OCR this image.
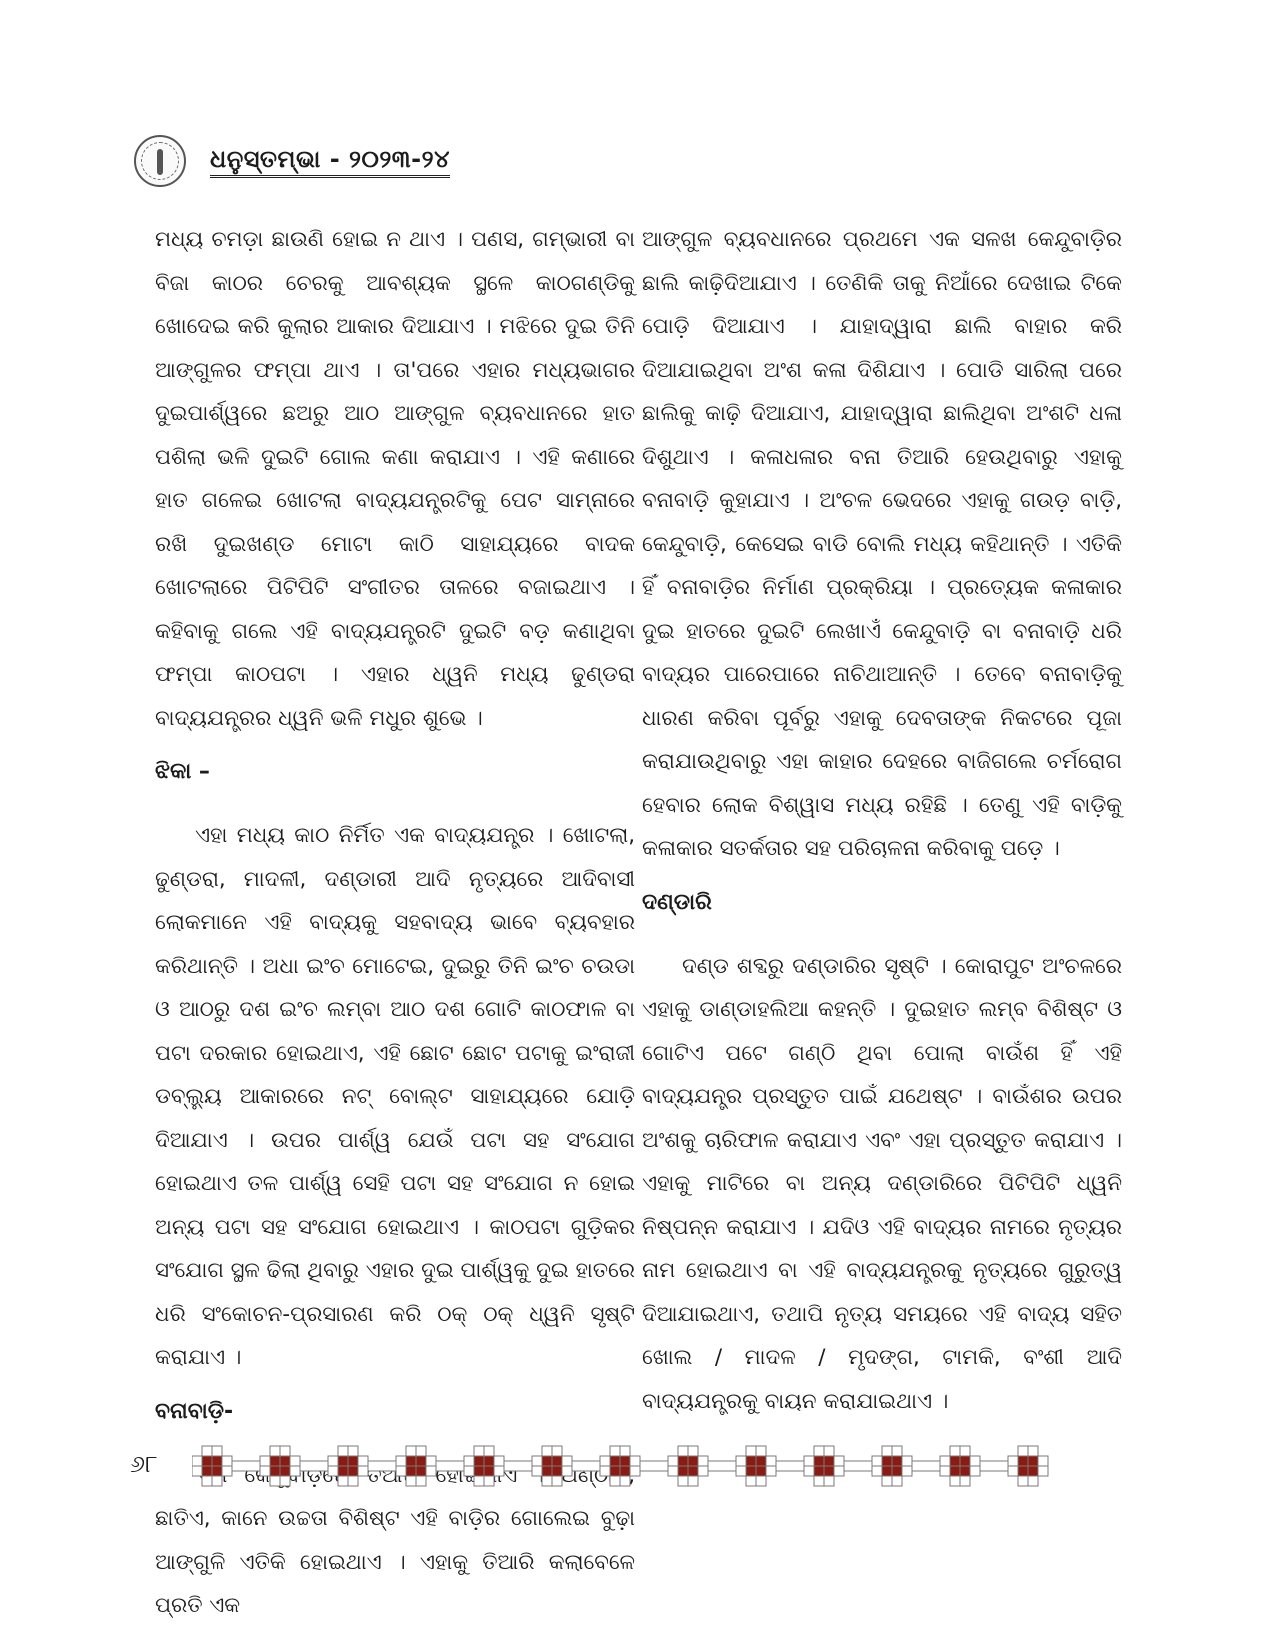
ଧନୁସ୍ତମ୍ଭା - ୨୦୨୩-୨୪

ମଧ୍ୟ ଚମଡ଼ା ଛାଉଣି ହୋଇ ନ ଥାଏ । ପଣସ, ଗମ୍ଭାରୀ ବା ବିଜା କାଠର ଚେରକୁ ଆବଶ୍ୟକ ସ୍ଥଳେ କାଠଗଣ୍ଡିକୁ ଖୋଦେଇ କରି କୁଲାର ଆକାର ଦିଆଯାଏ । ମଝିରେ ଦୁଇ ତିନି ଆଙ୍ଗୁଳର ଫମ୍ପା ଥାଏ । ତା'ପରେ ଏହାର ମଧ୍ୟଭାଗର ଦୁଇପାର୍ଶ୍ୱରେ ଛଅରୁ ଆଠ ଆଙ୍ଗୁଳ ବ୍ୟବଧାନରେ ହାତ ପଶିଲା ଭଳି ଦୁଇଟି ଗୋଲ କଣା କରାଯାଏ । ଏହି କଣାରେ ହାତ ଗଳେଇ ଖୋଟଲା ବାଦ୍ୟଯନ୍ତ୍ରଟିକୁ ପେଟ ସାମ୍ନାରେ ରଖି ଦୁଇଖଣ୍ଡ ମୋଟା କାଠି ସାହାଯ୍ୟରେ ବାଦକ ଖୋଟଲାରେ ପିଟିପିଟି ସଂଗୀତର ତାଳରେ ବଜାଇଥାଏ । କହିବାକୁ ଗଲେ ଏହି ବାଦ୍ୟଯନ୍ତ୍ରଟି ଦୁଇଟି ବଡ଼ କଣାଥିବା ଫମ୍ପା କାଠପଟା । ଏହାର ଧ୍ୱନି ମଧ୍ୟ ଢୁଣ୍ଡରା ବାଦ୍ୟଯନ୍ତ୍ରର ଧ୍ୱନି ଭଳି ମଧୁର ଶୁଭେ ।

ଝିକା –

ଏହା ମଧ୍ୟ କାଠ ନିର୍ମିତ ଏକ ବାଦ୍ୟଯନ୍ତ୍ର । ଖୋଟଲା, ଢୁଣ୍ଡରା, ମାଦଳୀ, ଦଣ୍ଡାରୀ ଆଦି ନୃତ୍ୟରେ ଆଦିବାସୀ ଲୋକମାନେ ଏହି ବାଦ୍ୟକୁ ସହବାଦ୍ୟ ଭାବେ ବ୍ୟବହାର କରିଥାନ୍ତି । ଅଧା ଇଂଚ ମୋଟେଇ, ଦୁଇରୁ ତିନି ଇଂଚ ଚଉଡା ଓ ଆଠରୁ ଦଶ ଇଂଚ ଲମ୍ବା ଆଠ ଦଶ ଗୋଟି କାଠଫାଳ ବା ପଟା ଦରକାର ହୋଇଥାଏ, ଏହି ଛୋଟ ଛୋଟ ପଟାକୁ ଇଂରାଜୀ ଡବ୍ଲ୍ୟୁ ଆକାରରେ ନଟ୍ ବୋଲ୍ଟ ସାହାଯ୍ୟରେ ଯୋଡ଼ି ଦିଆଯାଏ । ଉପର ପାର୍ଶ୍ୱ ଯେଉଁ ପଟା ସହ ସଂଯୋଗ ହୋଇଥାଏ ତଳ ପାର୍ଶ୍ୱ ସେହି ପଟା ସହ ସଂଯୋଗ ନ ହୋଇ ଅନ୍ୟ ପଟା ସହ ସଂଯୋଗ ହୋଇଥାଏ । କାଠପଟା ଗୁଡ଼ିକର ସଂଯୋଗ ସ୍ଥଳ ଢିଲା ଥିବାରୁ ଏହାର ଦୁଇ ପାର୍ଶ୍ୱକୁ ଦୁଇ ହାତରେ ଧରି ସଂକୋଚନ-ପ୍ରସାରଣ କରି ଠକ୍ ଠକ୍ ଧ୍ୱନି ସୃଷ୍ଟି କରାଯାଏ ।

ବନାବାଡ଼ି-

ତିଆରି ଅଣ୍ଠାଏ, ଛାତିଏ, କାନେ ଉଚ୍ଚତା ବିଶିଷ୍ଟ ଏହି ବାଡ଼ିର ଗୋଲେଇ ବୁଢ଼ା ଆଙ୍ଗୁଳି ଏତିକି ହୋଇଥାଏ । ଏହାକୁ ତିଆରି କଲାବେଳେ ପ୍ରତି ଏକ

ଆଙ୍ଗୁଳ ବ୍ୟବଧାନରେ ପ୍ରଥମେ ଏକ ସଳଖ କେନ୍ଦୁବାଡ଼ିର ଛାଲି କାଢ଼ିଦିଆଯାଏ । ତେଣିକି ତାକୁ ନିଆଁରେ ଦେଖାଇ ଟିକେ ପୋଡ଼ି ଦିଆଯାଏ । ଯାହାଦ୍ୱାରା ଛାଲି ବାହାର କରି ଦିଆଯାଇଥିବା ଅଂଶ କଳା ଦିଶିଯାଏ । ପୋଡି ସାରିଲା ପରେ ଛାଲିକୁ କାଢ଼ି ଦିଆଯାଏ, ଯାହାଦ୍ୱାରା ଛାଲିଥିବା ଅଂଶଟି ଧଳା ଦିଶୁଥାଏ । କଳାଧଳାର ବନା ତିଆରି ହେଉଥିବାରୁ ଏହାକୁ ବନାବାଡ଼ି କୁହାଯାଏ । ଅଂଚଳ ଭେଦରେ ଏହାକୁ ଗଉଡ଼ ବାଡ଼ି, କେନ୍ଦୁବାଡ଼ି, କେସେଇ ବାଡି ବୋଲି ମଧ୍ୟ କହିଥାନ୍ତି । ଏତିକି ହିଁ ବନାବାଡ଼ିର ନିର୍ମାଣ ପ୍ରକ୍ରିୟା । ପ୍ରତ୍ୟେକ କଳାକାର ଦୁଇ ହାତରେ ଦୁଇଟି ଲେଖାଏଁ କେନ୍ଦୁବାଡ଼ି ବା ବନାବାଡ଼ି ଧରି ବାଦ୍ୟର ପାରେପାରେ ନାଚିଥାଆନ୍ତି । ତେବେ ବନାବାଡ଼ିକୁ ଧାରଣ କରିବା ପୂର୍ବରୁ ଏହାକୁ ଦେବତାଙ୍କ ନିକଟରେ ପୂଜା କରାଯାଉଥିବାରୁ ଏହା କାହାର ଦେହରେ ବାଜିଗଲେ ଚର୍ମରୋଗ ହେବାର ଲୋକ ବିଶ୍ୱାସ ମଧ୍ୟ ରହିଛି । ତେଣୁ ଏହି ବାଡ଼ିକୁ କଳାକାର ସତର୍କତାର ସହ ପରିଚାଳନା କରିବାକୁ ପଡ଼େ ।

ଦଣ୍ଡାରି

ଦଣ୍ଡ ଶବ୍ଦରୁ ଦଣ୍ଡାରିର ସୃଷ୍ଟି । କୋରାପୁଟ ଅଂଚଳରେ ଏହାକୁ ଡାଣ୍ଡାହଲିଆ କହନ୍ତି । ଦୁଇହାତ ଲମ୍ବ ବିଶିଷ୍ଟ ଓ ଗୋଟିଏ ପଟେ ଗଣ୍ଠି ଥିବା ପୋଲା ବାଉଁଶ ହିଁ ଏହି ବାଦ୍ୟଯନ୍ତ୍ର ପ୍ରସ୍ତୁତ ପାଇଁ ଯଥେଷ୍ଟ । ବାଉଁଶର ଉପର ଅଂଶକୁ ଚାରିଫାଳ କରାଯାଏ ଏବଂ ଏହା ପ୍ରସ୍ତୁତ କରାଯାଏ । ଏହାକୁ ମାଟିରେ ବା ଅନ୍ୟ ଦଣ୍ଡାରିରେ ପିଟିପିଟି ଧ୍ୱନି ନିଷ୍ପନ୍ନ କରାଯାଏ । ଯଦିଓ ଏହି ବାଦ୍ୟର ନାମରେ ନୃତ୍ୟର ନାମ ହୋଇଥାଏ ବା ଏହି ବାଦ୍ୟଯନ୍ତ୍ରକୁ ନୃତ୍ୟରେ ଗୁରୁତ୍ୱ ଦିଆଯାଇଥାଏ, ତଥାପି ନୃତ୍ୟ ସମୟରେ ଏହି ବାଦ୍ୟ ସହିତ ଖୋଲ / ମାଦଳ / ମୃଦଙ୍ଗ, ଟାମକି, ବଂଶୀ ଆଦି ବାଦ୍ୟଯନ୍ତ୍ରକୁ ବାୟନ କରାଯାଇଥାଏ ।

୬୮
